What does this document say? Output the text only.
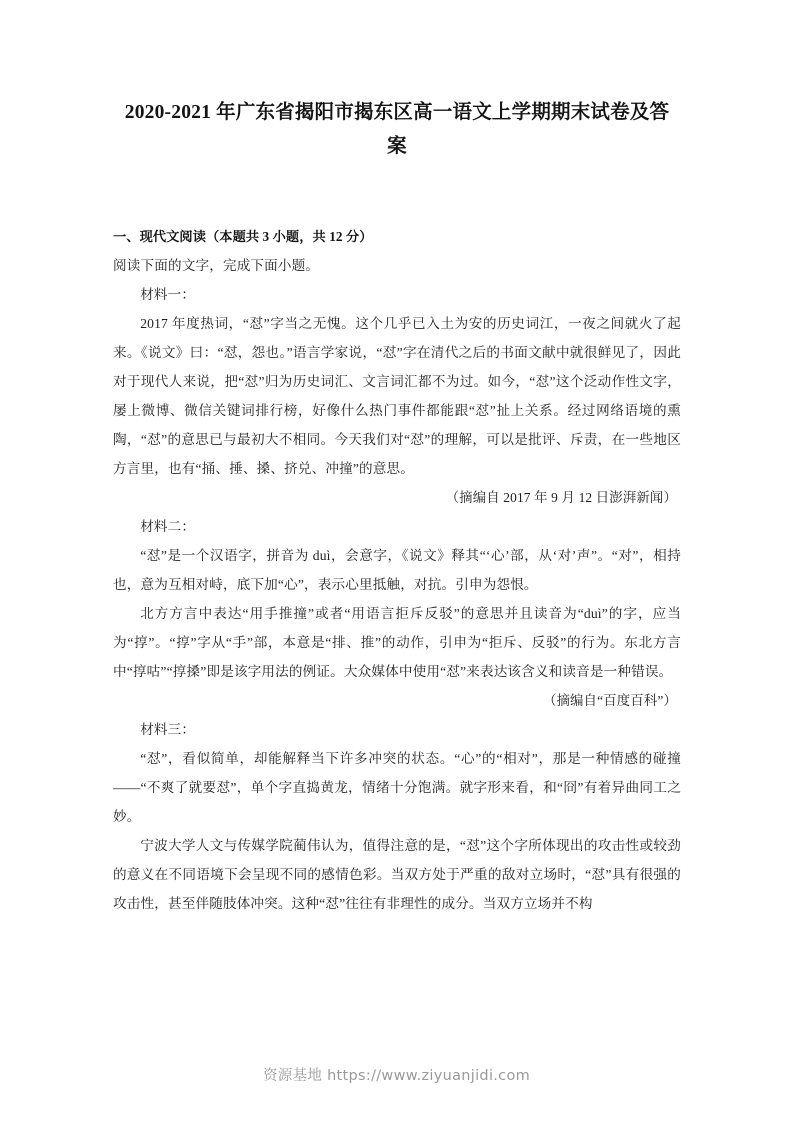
2020-2021 年广东省揭阳市揭东区高一语文上学期期末试卷及答案
一、现代文阅读（本题共 3 小题，共 12 分）

阅读下面的文字，完成下面小题。

材料一：

2017 年度热词，“怼”字当之无愧。这个几乎已入土为安的历史词江，一夜之间就火了起来。《说文》曰：“怼，怨也。”语言学家说，“怼”字在清代之后的书面文献中就很鲜见了，因此对于现代人来说，把“怼”归为历史词汇、文言词汇都不为过。如今，“怼”这个泛动作性文字，屡上微博、微信关键词排行榜，好像什么热门事件都能跟“怼”扯上关系。经过网络语境的熏陶，“怼”的意思已与最初大不相同。今天我们对“怼”的理解，可以是批评、斥责，在一些地区方言里，也有“捅、捶、搡、挤兑、冲撞”的意思。

（摘编自 2017 年 9 月 12 日澎湃新闻）

材料二：

“怼”是一个汉语字，拼音为 duì，会意字，《说文》释其“‘心’部，从‘对’声”。“对”，相持也，意为互相对峙，底下加“心”，表示心里抵触，对抗。引申为怨恨。

北方方言中表达“用手推撞”或者“用语言拒斥反驳”的意思并且读音为“duì”的字，应当为“㨃”。“㨃”字从“手”部，本意是“排、推”的动作，引申为“拒斥、反驳”的行为。东北方言中“㨃咕”“㨃搡”即是该字用法的例证。大众媒体中使用“怼”来表达该含义和读音是一种错误。

（摘编自“百度百科”）

材料三：

“怼”，看似简单，却能解释当下许多冲突的状态。“心”的“相对”，那是一种情感的碰撞——“不爽了就要怼”，单个字直捣黄龙，情绪十分饱满。就字形来看，和“冏”有着异曲同工之妙。

宁波大学人文与传媒学院蔺伟认为，值得注意的是，“怼”这个字所体现出的攻击性或较劲的意义在不同语境下会呈现不同的感情色彩。当双方处于严重的敌对立场时，“怼”具有很强的攻击性，甚至伴随肢体冲突。这种“怼”往往有非理性的成分。当双方立场并不构

资源基地 https://www.ziyuanjidi.com
